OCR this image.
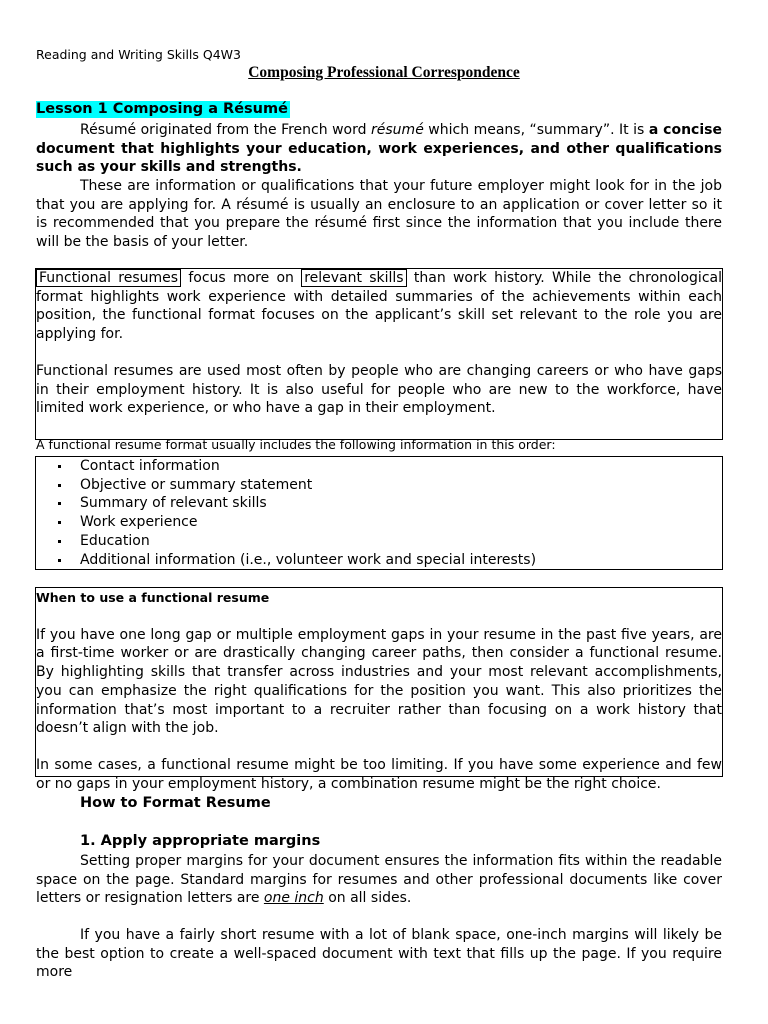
Reading and Writing Skills Q4W3
Composing Professional Correspondence
Lesson 1 Composing a Résumé
Résumé originated from the French word résumé which means, “summary”. It is a concise document that highlights your education, work experiences, and other qualifications such as your skills and strengths.
These are information or qualifications that your future employer might look for in the job that you are applying for. A résumé is usually an enclosure to an application or cover letter so it is recommended that you prepare the résumé first since the information that you include there will be the basis of your letter.

Functional resumes focus more on relevant skills than work history. While the chronological format highlights work experience with detailed summaries of the achievements within each position, the functional format focuses on the applicant’s skill set relevant to the role you are applying for.

Functional resumes are used most often by people who are changing careers or who have gaps in their employment history. It is also useful for people who are new to the workforce, have limited work experience, or who have a gap in their employment.

A functional resume format usually includes the following information in this order:

Contact information
Objective or summary statement
Summary of relevant skills
Work experience
Education
Additional information (i.e., volunteer work and special interests)

When to use a functional resume

If you have one long gap or multiple employment gaps in your resume in the past five years, are a first-time worker or are drastically changing career paths, then consider a functional resume. By highlighting skills that transfer across industries and your most relevant accomplishments, you can emphasize the right qualifications for the position you want. This also prioritizes the information that’s most important to a recruiter rather than focusing on a work history that doesn’t align with the job.

In some cases, a functional resume might be too limiting. If you have some experience and few or no gaps in your employment history, a combination resume might be the right choice.

How to Format Resume
1. Apply appropriate margins
Setting proper margins for your document ensures the information fits within the readable space on the page. Standard margins for resumes and other professional documents like cover letters or resignation letters are one inch on all sides.
If you have a fairly short resume with a lot of blank space, one-inch margins will likely be the best option to create a well-spaced document with text that fills up the page. If you require more
